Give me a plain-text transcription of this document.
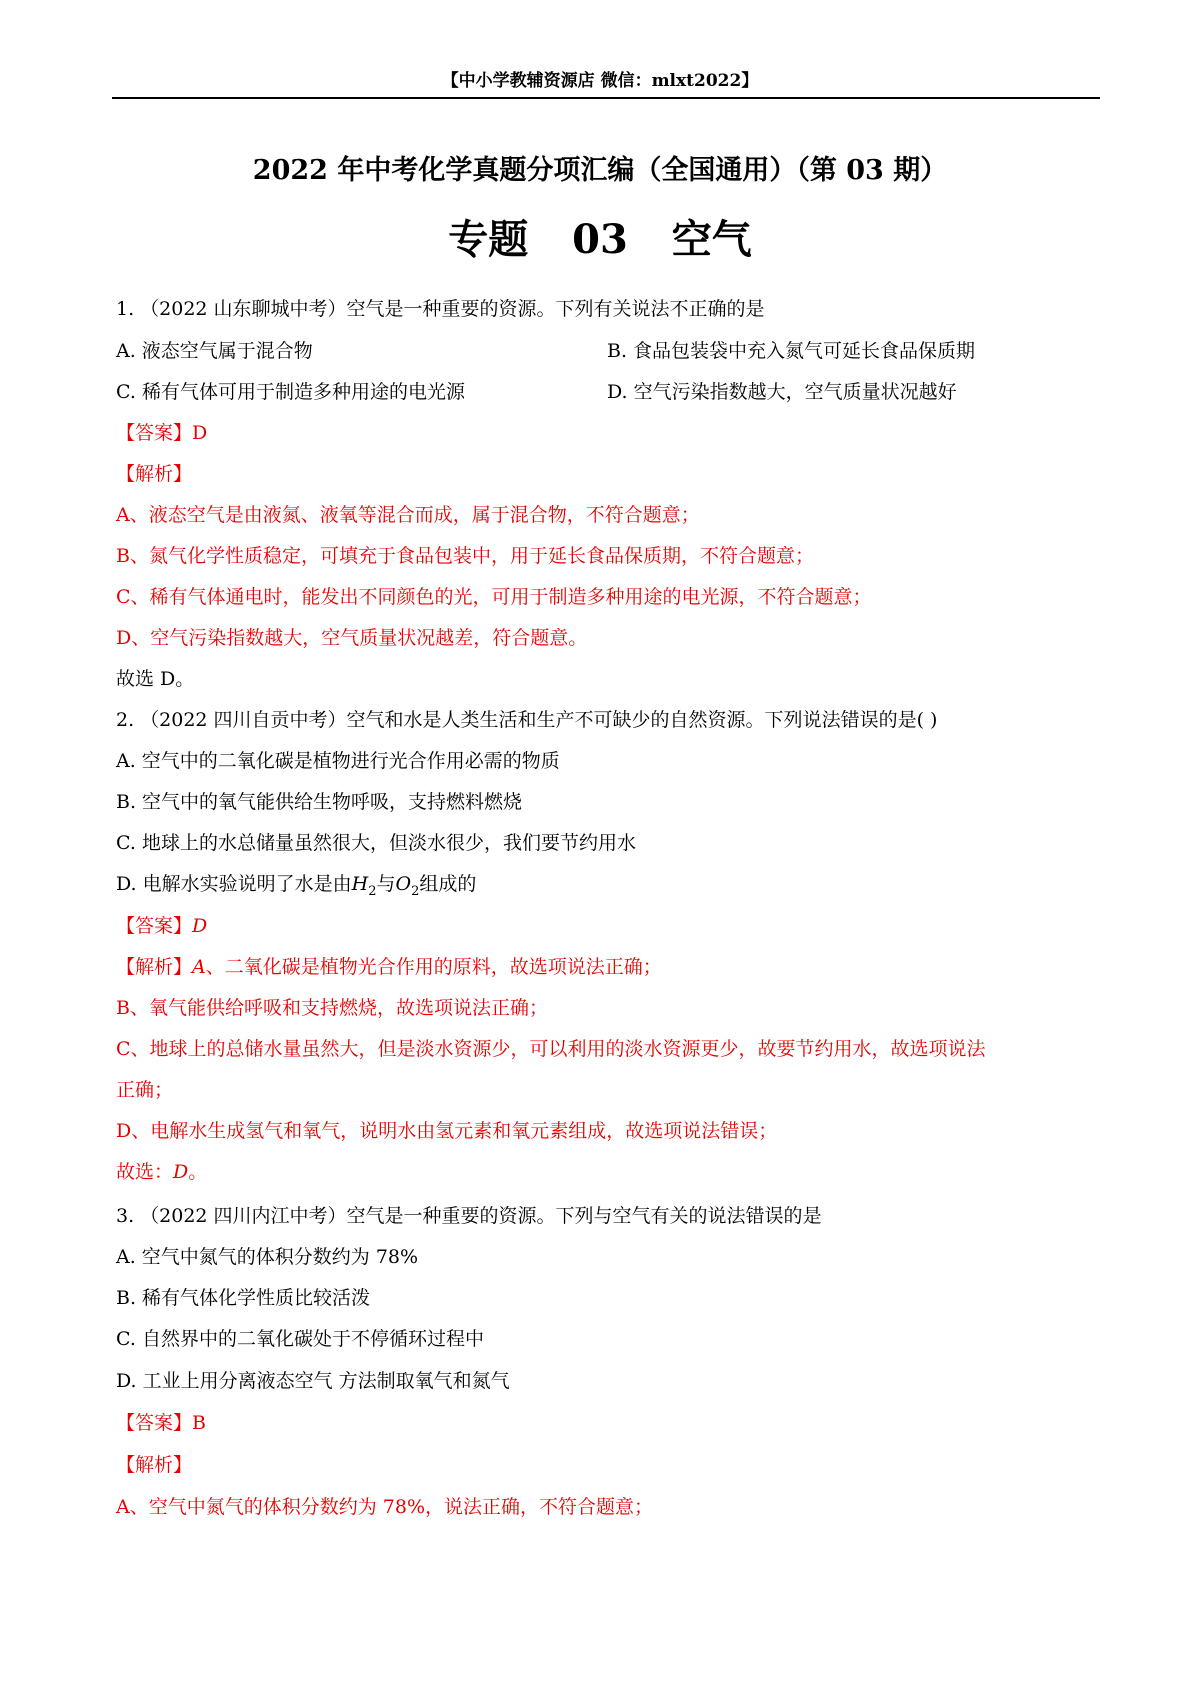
【中小学教辅资源店 微信：mlxt2022】
2022 年中考化学真题分项汇编（全国通用）（第 03 期）
专题 03 空气
1. （2022 山东聊城中考）空气是一种重要的资源。下列有关说法不正确的是
A. 液态空气属于混合物	B. 食品包装袋中充入氮气可延长食品保质期
C. 稀有气体可用于制造多种用途的电光源	D. 空气污染指数越大，空气质量状况越好
【答案】D
【解析】
A、液态空气是由液氮、液氧等混合而成，属于混合物，不符合题意；
B、氮气化学性质稳定，可填充于食品包装中，用于延长食品保质期，不符合题意；
C、稀有气体通电时，能发出不同颜色的光，可用于制造多种用途的电光源，不符合题意；
D、空气污染指数越大，空气质量状况越差，符合题意。
故选 D。
2. （2022 四川自贡中考）空气和水是人类生活和生产不可缺少的自然资源。下列说法错误的是( )
A. 空气中的二氧化碳是植物进行光合作用必需的物质
B. 空气中的氧气能供给生物呼吸，支持燃料燃烧
C. 地球上的水总储量虽然很大，但淡水很少，我们要节约用水
D. 电解水实验说明了水是由$H_2$与$O_2$组成的
【答案】D
【解析】A、二氧化碳是植物光合作用的原料，故选项说法正确；
B、氧气能供给呼吸和支持燃烧，故选项说法正确；
C、地球上的总储水量虽然大，但是淡水资源少，可以利用的淡水资源更少，故要节约用水，故选项说法
正确；
D、电解水生成氢气和氧气，说明水由氢元素和氧元素组成，故选项说法错误；
故选：D。
3. （2022 四川内江中考）空气是一种重要的资源。下列与空气有关的说法错误的是
A. 空气中氮气的体积分数约为 78%
B. 稀有气体化学性质比较活泼
C. 自然界中的二氧化碳处于不停循环过程中
D. 工业上用分离液态空气 方法制取氧气和氮气
【答案】B
【解析】
A、空气中氮气的体积分数约为 78%，说法正确，不符合题意；
